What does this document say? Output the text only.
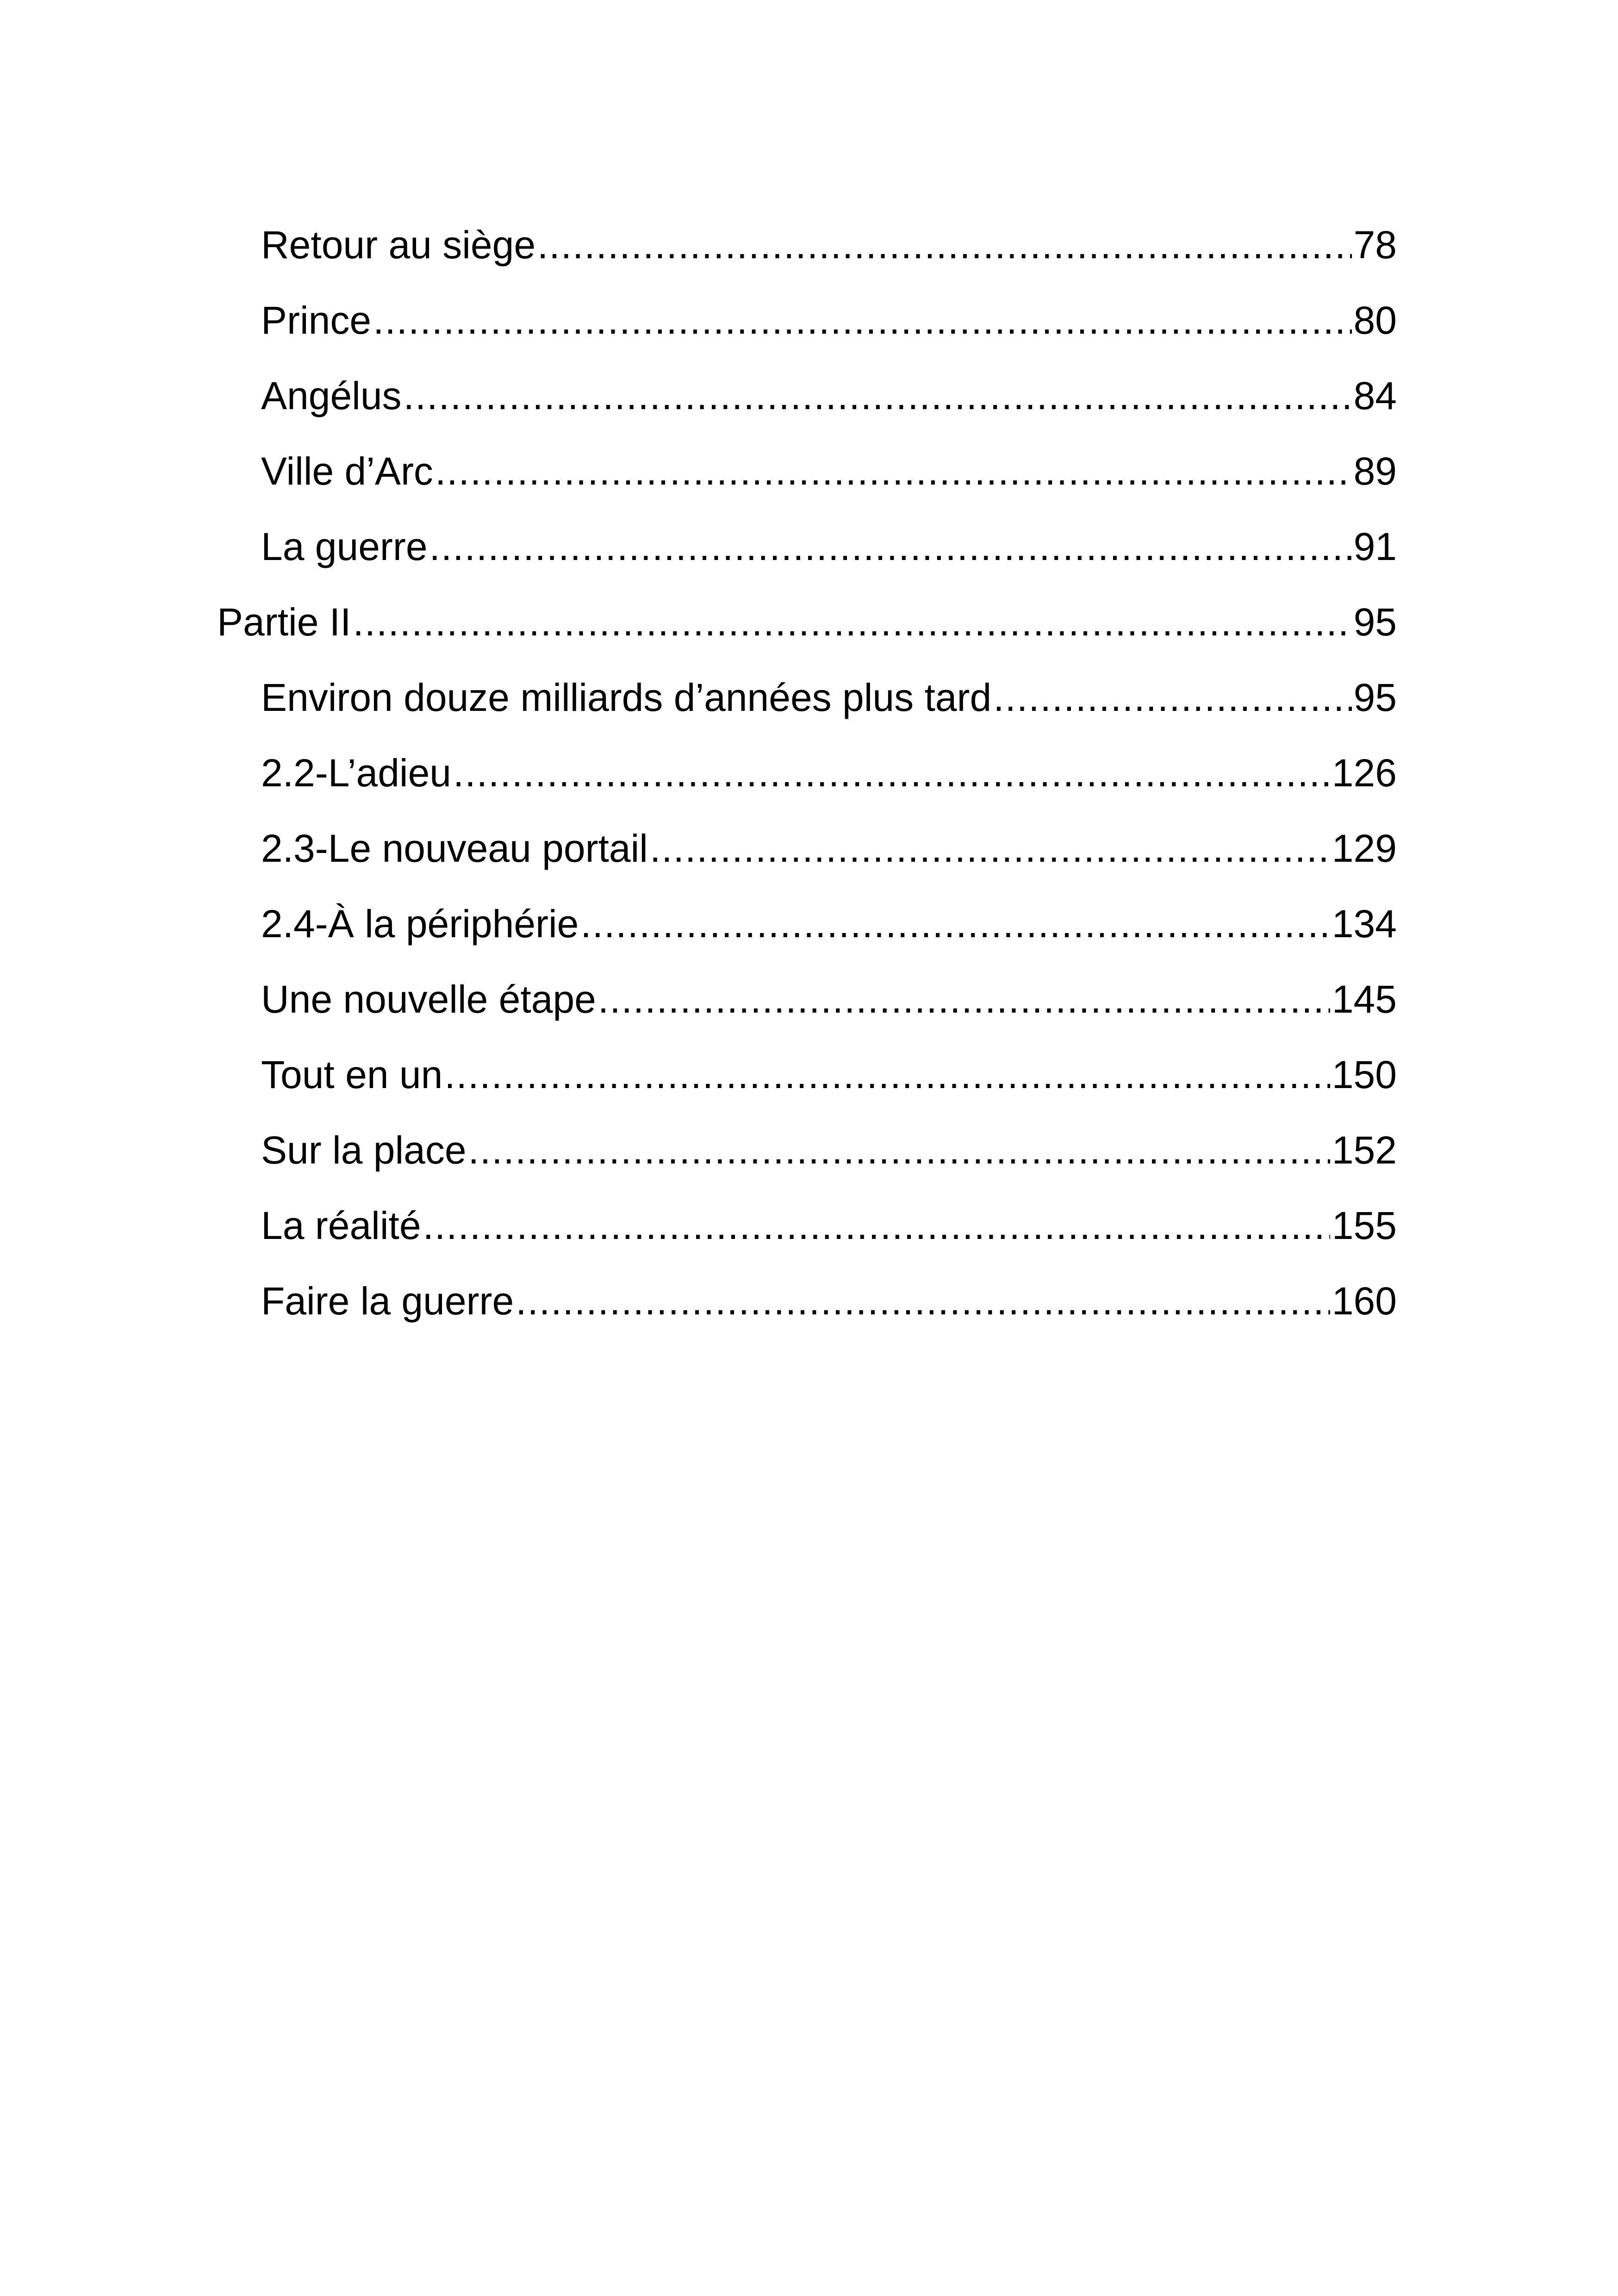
Retour au siège .....	78
Prince .....	80
Angélus .....	84
Ville d’Arc .....	89
La guerre .....	91
Partie II .....	95
Environ douze milliards d’années plus tard .....	95
2.2-L’adieu .....	126
2.3-Le nouveau portail .....	129
2.4-À la périphérie .....	134
Une nouvelle étape .....	145
Tout en un .....	150
Sur la place .....	152
La réalité .....	155
Faire la guerre .....	160
